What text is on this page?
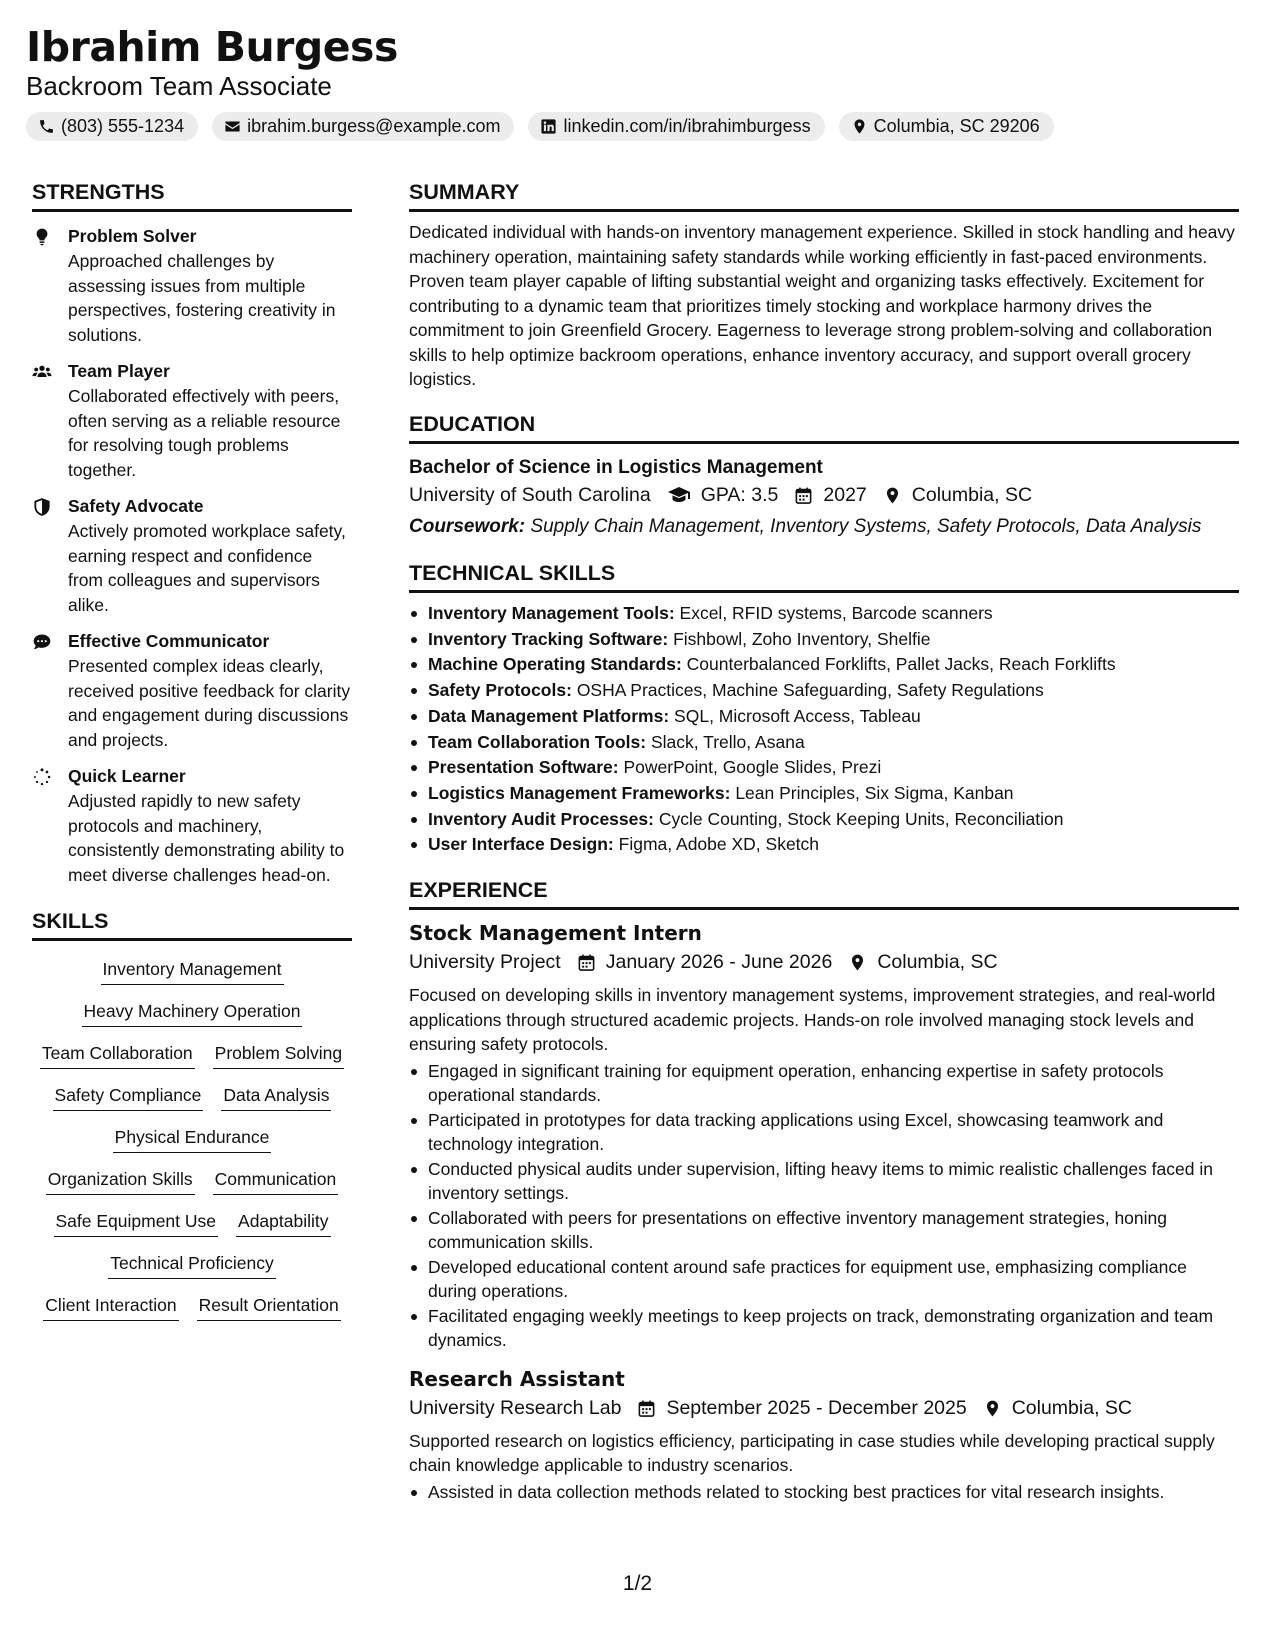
Ibrahim Burgess
Backroom Team Associate
(803) 555-1234	ibrahim.burgess@example.com	linkedin.com/in/ibrahimburgess	Columbia, SC 29206
STRENGTHS
Problem Solver
Approached challenges by assessing issues from multiple perspectives, fostering creativity in solutions.
Team Player
Collaborated effectively with peers, often serving as a reliable resource for resolving tough problems together.
Safety Advocate
Actively promoted workplace safety, earning respect and confidence from colleagues and supervisors alike.
Effective Communicator
Presented complex ideas clearly, received positive feedback for clarity and engagement during discussions and projects.
Quick Learner
Adjusted rapidly to new safety protocols and machinery, consistently demonstrating ability to meet diverse challenges head-on.
SKILLS
Inventory Management
Heavy Machinery Operation
Team Collaboration Problem Solving
Safety Compliance Data Analysis
Physical Endurance
Organization Skills Communication
Safe Equipment Use Adaptability
Technical Proficiency
Client Interaction Result Orientation
SUMMARY
Dedicated individual with hands-on inventory management experience. Skilled in stock handling and heavy machinery operation, maintaining safety standards while working efficiently in fast-paced environments. Proven team player capable of lifting substantial weight and organizing tasks effectively. Excitement for contributing to a dynamic team that prioritizes timely stocking and workplace harmony drives the commitment to join Greenfield Grocery. Eagerness to leverage strong problem-solving and collaboration skills to help optimize backroom operations, enhance inventory accuracy, and support overall grocery logistics.
EDUCATION
Bachelor of Science in Logistics Management
University of South Carolina	GPA: 3.5 2027 Columbia, SC
Coursework: Supply Chain Management, Inventory Systems, Safety Protocols, Data Analysis
TECHNICAL SKILLS
Inventory Management Tools: Excel, RFID systems, Barcode scanners
Inventory Tracking Software: Fishbowl, Zoho Inventory, Shelfie
Machine Operating Standards: Counterbalanced Forklifts, Pallet Jacks, Reach Forklifts
Safety Protocols: OSHA Practices, Machine Safeguarding, Safety Regulations
Data Management Platforms: SQL, Microsoft Access, Tableau
Team Collaboration Tools: Slack, Trello, Asana
Presentation Software: PowerPoint, Google Slides, Prezi
Logistics Management Frameworks: Lean Principles, Six Sigma, Kanban
Inventory Audit Processes: Cycle Counting, Stock Keeping Units, Reconciliation
User Interface Design: Figma, Adobe XD, Sketch
EXPERIENCE
Stock Management Intern
University Project January 2026 - June 2026 Columbia, SC
Focused on developing skills in inventory management systems, improvement strategies, and real-world applications through structured academic projects. Hands-on role involved managing stock levels and ensuring safety protocols.
Engaged in significant training for equipment operation, enhancing expertise in safety protocols operational standards.
Participated in prototypes for data tracking applications using Excel, showcasing teamwork and technology integration.
Conducted physical audits under supervision, lifting heavy items to mimic realistic challenges faced in inventory settings.
Collaborated with peers for presentations on effective inventory management strategies, honing communication skills.
Developed educational content around safe practices for equipment use, emphasizing compliance during operations.
Facilitated engaging weekly meetings to keep projects on track, demonstrating organization and team dynamics.
Research Assistant
University Research Lab September 2025 - December 2025 Columbia, SC
Supported research on logistics efficiency, participating in case studies while developing practical supply chain knowledge applicable to industry scenarios.
Assisted in data collection methods related to stocking best practices for vital research insights.
1/2
